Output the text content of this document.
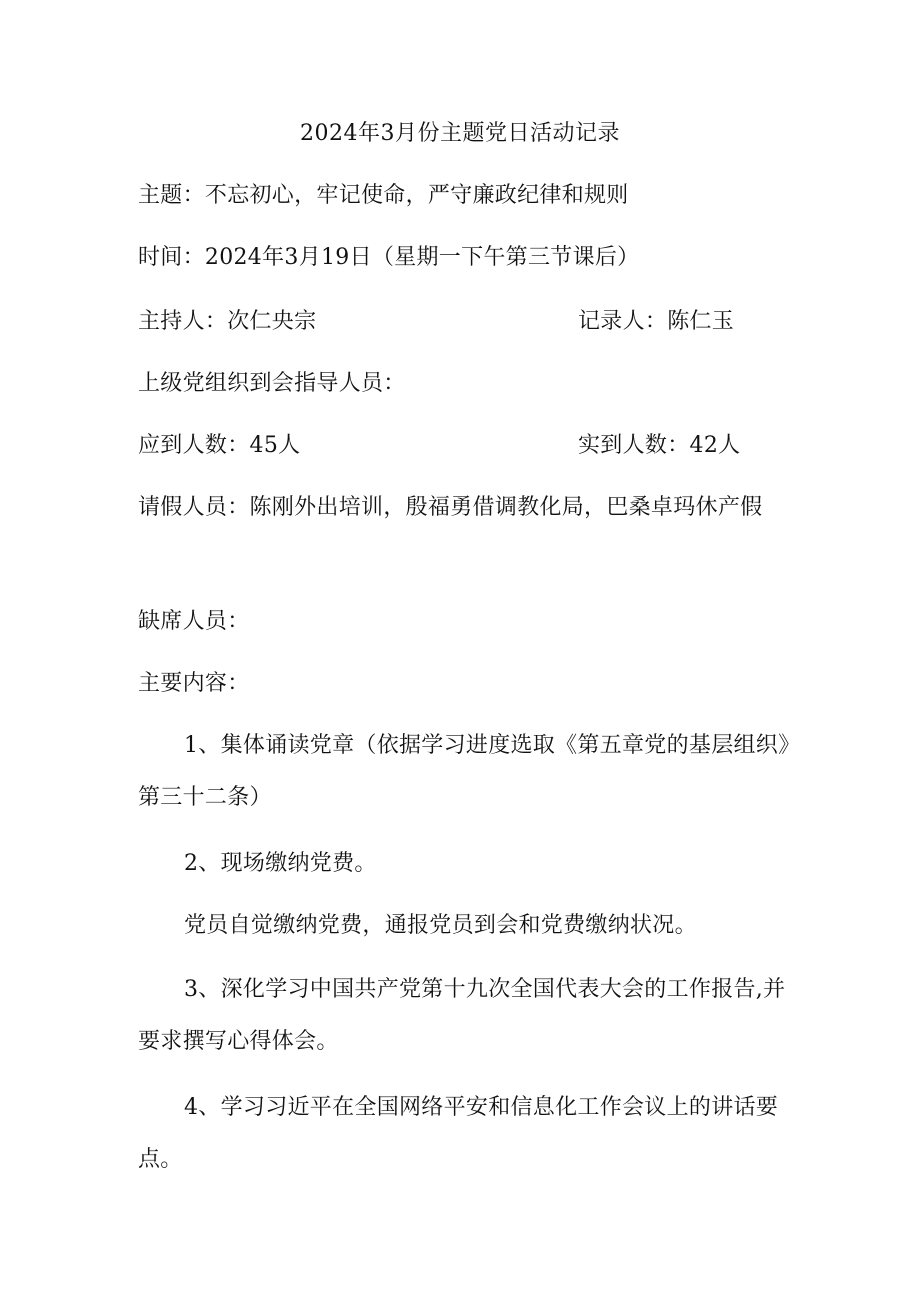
2024年3月份主题党日活动记录
主题：不忘初心，牢记使命，严守廉政纪律和规则
时间：2024年3月19日（星期一下午第三节课后）
主持人：次仁央宗	记录人：陈仁玉
上级党组织到会指导人员：
应到人数：45人	实到人数：42人
请假人员：陈刚外出培训，殷福勇借调教化局，巴桑卓玛休产假
缺席人员：
主要内容：
1、集体诵读党章（依据学习进度选取《第五章党的基层组织》第三十二条）
2、现场缴纳党费。
党员自觉缴纳党费，通报党员到会和党费缴纳状况。
3、深化学习中国共产党第十九次全国代表大会的工作报告,并要求撰写心得体会。
4、学习习近平在全国网络平安和信息化工作会议上的讲话要点。
